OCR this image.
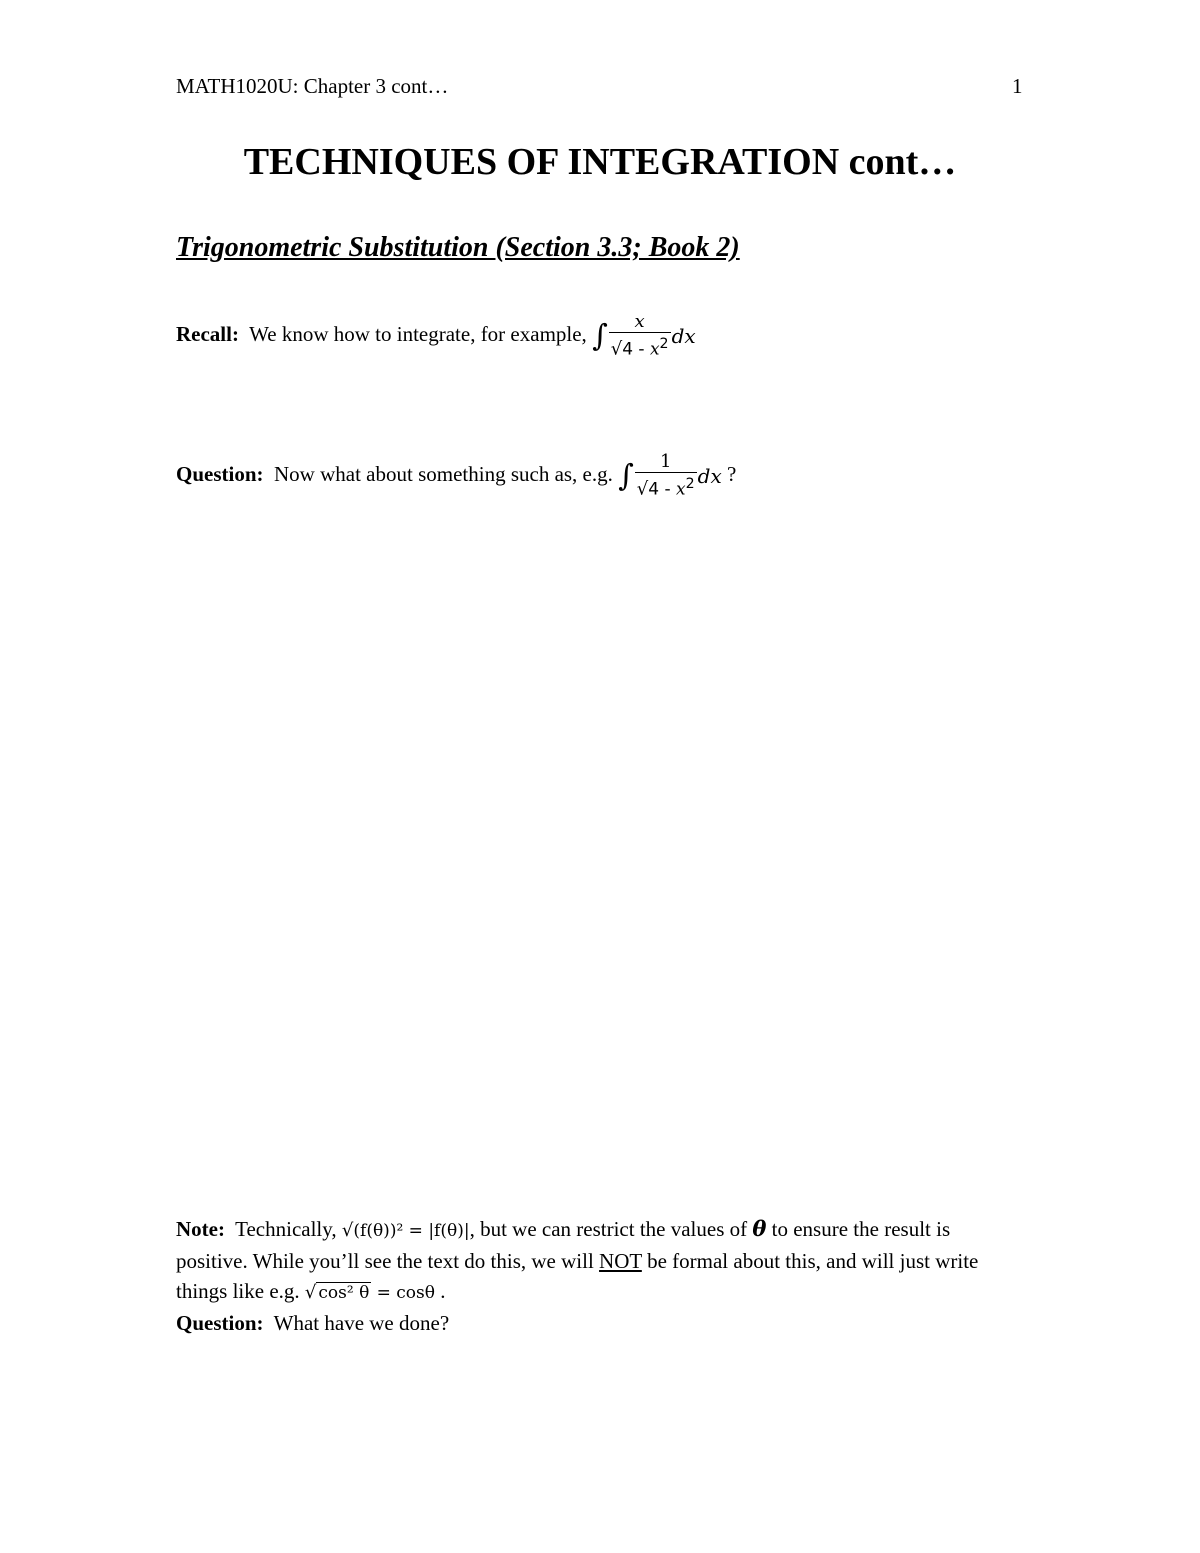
MATH1020U: Chapter 3 cont…	1
TECHNIQUES OF INTEGRATION cont…
Trigonometric Substitution (Section 3.3; Book 2)
Recall: We know how to integrate, for example, ∫ $\frac{x}{√4 - x^2}$ dx
Question: Now what about something such as, e.g. ∫ $\frac{1}{√4 - x^2}$ dx ?
Note: Technically, √(f(θ))² = |f(θ)|, but we can restrict the values of θ to ensure the result is positive. While you’ll see the text do this, we will NOT be formal about this, and will just write things like e.g. √ cos² θ = cosθ .
Question: What have we done?
